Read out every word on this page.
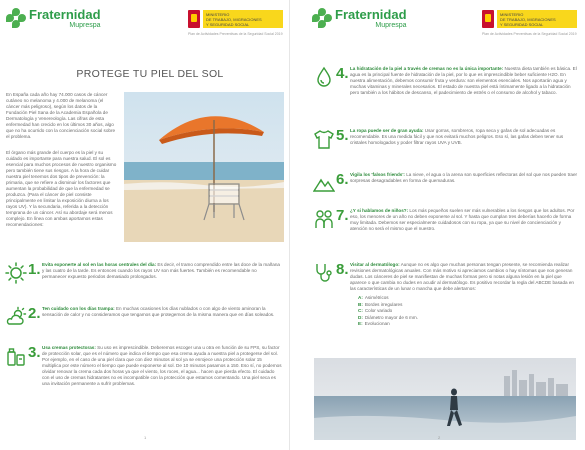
Fraternidad
Muprespa
MINISTERIO
DE TRABAJO, MIGRACIONES
Y SEGURIDAD SOCIAL
Plan de Actividades Preventivas de la Seguridad Social 2019
PROTEGE TU PIEL DEL SOL

En España cada año hay 74.000 casos de cáncer cutáneo no melanoma y 4.000 de melanoma (el cáncer más peligroso), según los datos de la Fundación Piel Sana de la Academia Española de Dermatología y Venereología. Las cifras de esta enfermedad han crecido en los últimos 30 años, algo que no ha ocurrido con la concienciación social sobre el problema.

El órgano más grande del cuerpo es la piel y su cuidado es importante para nuestra salud. El sol es esencial para muchos procesos de nuestro organismo pero también tiene sus riesgos. A la hora de cuidar nuestra piel tenemos dos tipos de prevención: la primaria, que se refiere a disminuir los factores que aumentan la probabilidad de que la enfermedad se produzca. (Para el cáncer de piel consiste principalmente en limitar la exposición diurna a los rayos UV). Y la secundaria, referida a la detección temprana de un cáncer. Así su abordaje será menos complejo. En línea con ambas aportamos estas recomendaciones:

1. Evita exponerte al sol en las horas centrales del día: Es decir, el tramo comprendido entre las doce de la mañana y las cuatro de la tarde. Es entonces cuando los rayos UV son más fuertes. También es recomendable no permanecer expuesto periodos demasiado prolongados.
2. Ten cuidado con los días trampa: En muchas ocasiones los días nublados o con algo de viento aminoran la sensación de calor y no consideramos que tengamos que protegernos de la misma manera que en días soleados.
3. Usa cremas protectoras: Su uso es imprescindible. Deberemos escoger una u otra en función de su FPS, su factor de protección solar, que es el número que indica el tiempo que esa crema ayuda a nuestra piel a protegerse del sol. Por ejemplo, en el caso de una piel clara que con diez minutos al sol ya se enrojece una protección solar 15 multiplica por este número el tiempo que puede exponerse al sol. De 10 minutos pasamos a 150. Eso sí, no podemos olvidar renovar la crema cada dos horas ya que el viento, los roces, el agua... hacen que pierda efecto. El cuidado con el uso de cremas hidratantes no es incompatible con la protección que estamos comentando. Una piel seca es una invitación permanente a sufrir problemas.
1
Fraternidad
Muprespa
MINISTERIO
DE TRABAJO, MIGRACIONES
Y SEGURIDAD SOCIAL
Plan de Actividades Preventivas de la Seguridad Social 2019
4. La hidratación de la piel a través de cremas no es la única importante: Nuestra dieta también es básica. El agua es la principal fuente de hidratación de la piel, por lo que es imprescindible beber suficiente H2O. En nuestra alimentación, debemos consumir fruta y verdura: son elementos esenciales. Nos aportarán agua y muchas vitaminas y minerales necesarios. El estado de nuestra piel está íntimamente ligado a la hidratación pero también a los hábitos de descanso, el padecimiento de estrés o el consumo de alcohol y tabaco.
5. La ropa puede ser de gran ayuda: Usar gorras, sombreros, ropa seca y gafas de sol adecuadas es recomendable. Es una medida fácil y que nos evitará muchos peligros. Eso sí, las gafas deben tener sus cristales homologados y poder filtrar rayos UVA y UVB.
6. Vigila los 'falsos friends': La nieve, el agua o la arena son superficies reflectoras del sol que nos pueden traer sorpresas desagradables en forma de quemaduras.
7. ¿Y si hablamos de niños?: Los más pequeños suelen ser más vulnerables a los riesgos que los adultos. Por eso, los menores de un año no deben exponerse al sol. Y hasta que cumplan tres deberías hacerlo de forma muy limitada. Debemos ser especialmente cuidadosos con su ropa, ya que su nivel de concienciación y atención no será el mismo que el nuestro.
8. Visitar al dermatólogo: Aunque no es algo que muchas personas tengan presente, se recomienda realizar revisiones dermatológicas anuales. Con más motivo si apreciamos cambios o hay síntomas que nos generan dudas. Los cánceres de piel se manifiestan de muchas formas pero si notas alguna lesión en la piel que aparece o que cambia no dudes en acudir al dermatólogo. Es positivo recordar la regla del ABCDE basada en las características de un lunar o mancha que debe alertarnos:
A: Asimétricos
B: Bordes irregulares
C: Color variado
D: Diámetro mayor de 6 mm.
E: Evolucionan
2
